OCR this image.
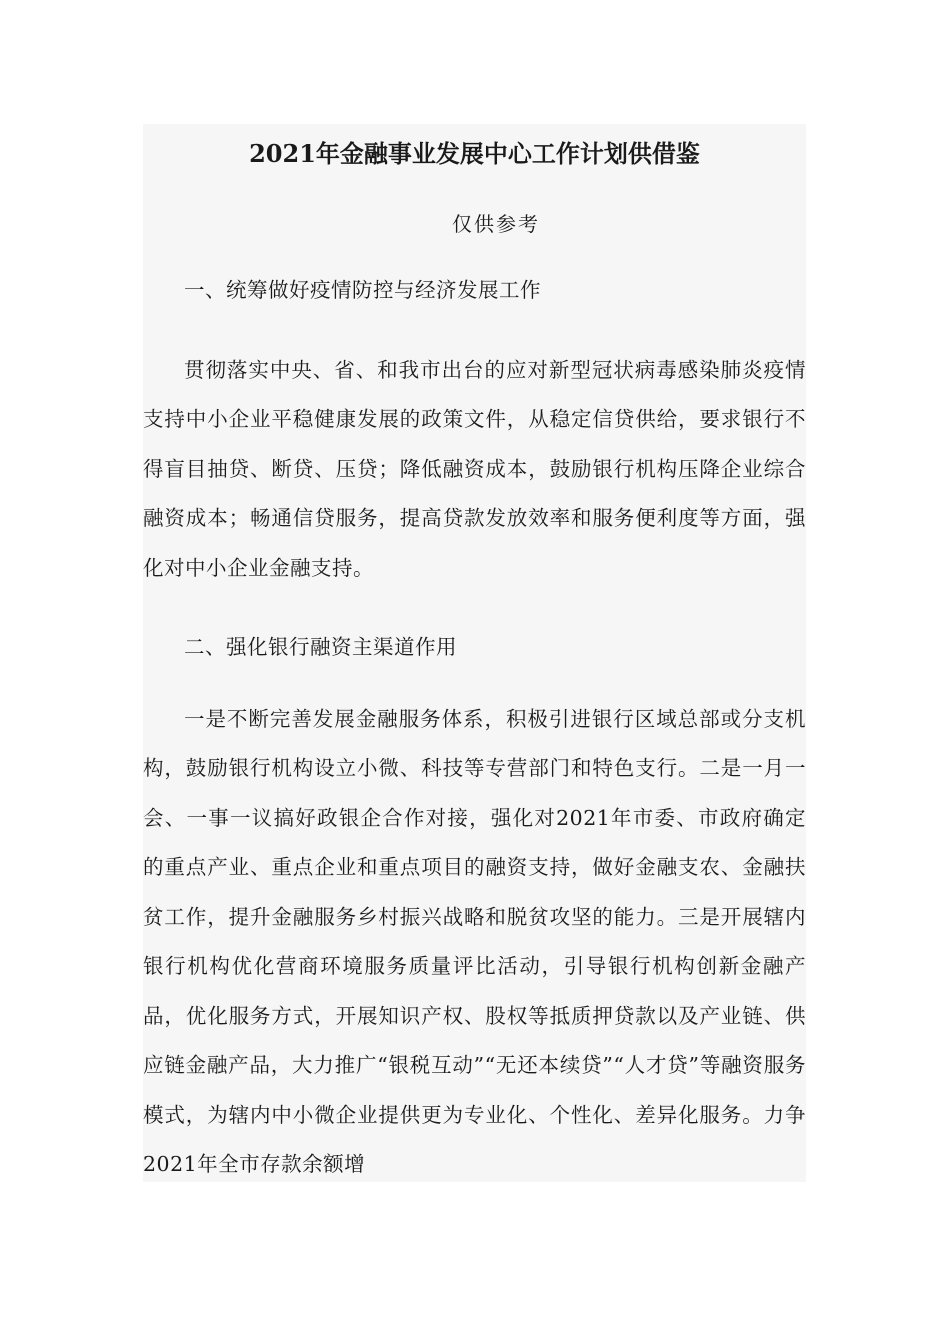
2021年金融事业发展中心工作计划供借鉴

仅供参考

一、统筹做好疫情防控与经济发展工作

贯彻落实中央、省、和我市出台的应对新型冠状病毒感染肺炎疫情支持中小企业平稳健康发展的政策文件，从稳定信贷供给，要求银行不得盲目抽贷、断贷、压贷；降低融资成本，鼓励银行机构压降企业综合融资成本；畅通信贷服务，提高贷款发放效率和服务便利度等方面，强化对中小企业金融支持。

二、强化银行融资主渠道作用

一是不断完善发展金融服务体系，积极引进银行区域总部或分支机构，鼓励银行机构设立小微、科技等专营部门和特色支行。二是一月一会、一事一议搞好政银企合作对接，强化对2021年市委、市政府确定的重点产业、重点企业和重点项目的融资支持，做好金融支农、金融扶贫工作，提升金融服务乡村振兴战略和脱贫攻坚的能力。三是开展辖内银行机构优化营商环境服务质量评比活动，引导银行机构创新金融产品，优化服务方式，开展知识产权、股权等抵质押贷款以及产业链、供应链金融产品，大力推广“银税互动”“无还本续贷”“人才贷”等融资服务模式，为辖内中小微企业提供更为专业化、个性化、差异化服务。力争2021年全市存款余额增
